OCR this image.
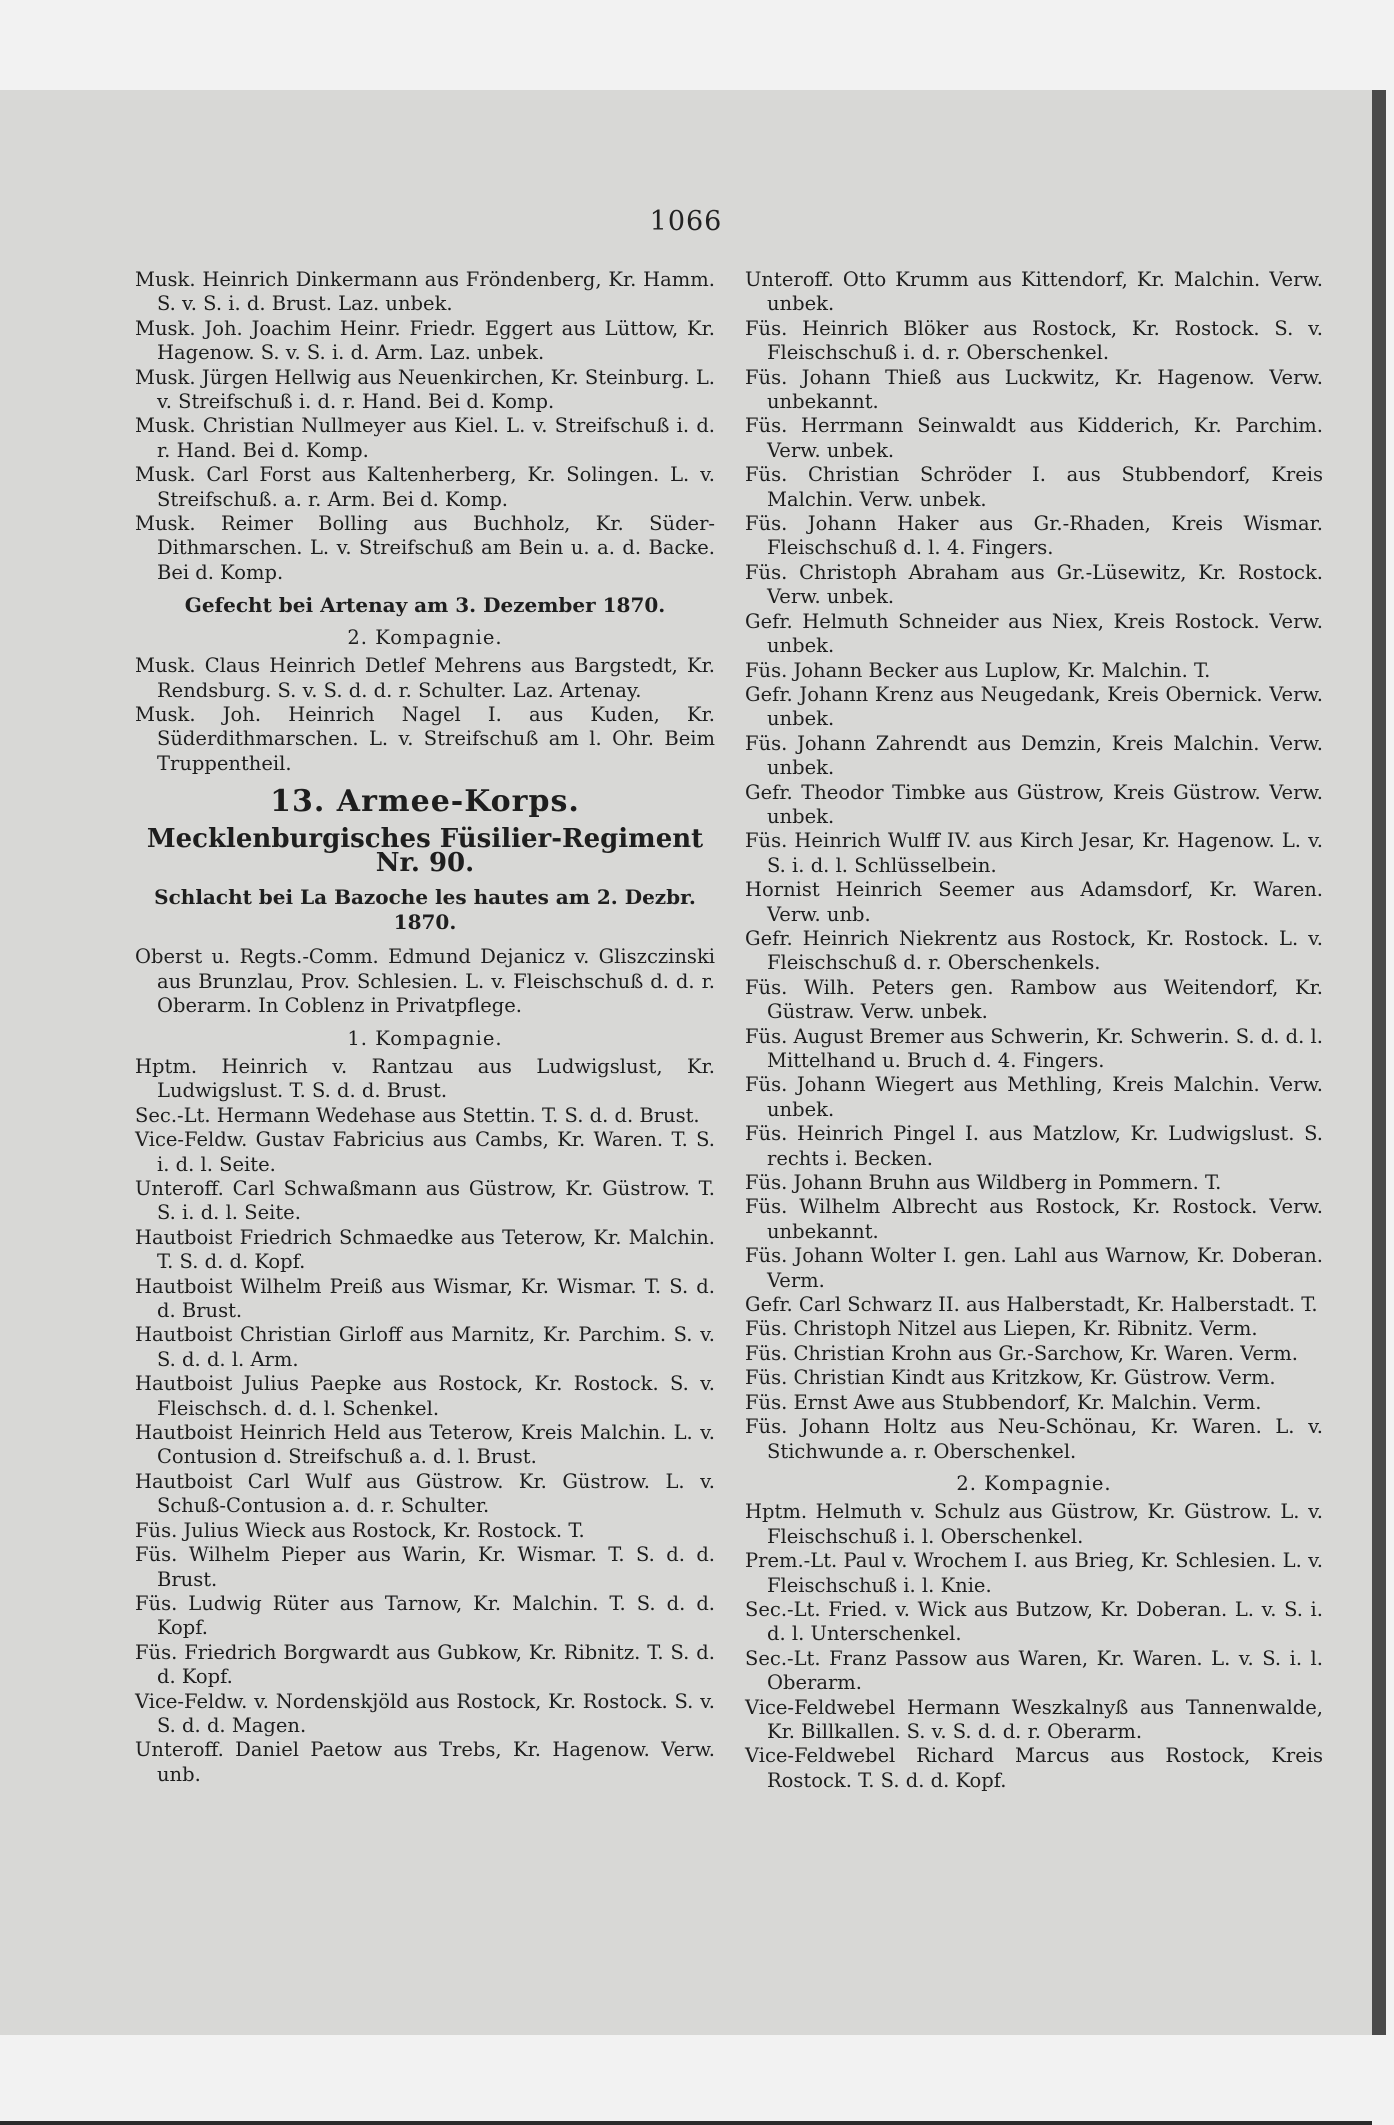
1066

Musk. Heinrich Dinkermann aus Fröndenberg, Kr. Hamm. S. v. S. i. d. Brust. Laz. unbek.

Musk. Joh. Joachim Heinr. Friedr. Eggert aus Lüttow, Kr. Hagenow. S. v. S. i. d. Arm. Laz. unbek.

Musk. Jürgen Hellwig aus Neuenkirchen, Kr. Steinburg. L. v. Streifschuß i. d. r. Hand. Bei d. Komp.

Musk. Christian Nullmeyer aus Kiel. L. v. Streifschuß i. d. r. Hand. Bei d. Komp.

Musk. Carl Forst aus Kaltenherberg, Kr. Solingen. L. v. Streifschuß. a. r. Arm. Bei d. Komp.

Musk. Reimer Bolling aus Buchholz, Kr. Süder-Dithmarschen. L. v. Streifschuß am Bein u. a. d. Backe. Bei d. Komp.

Gefecht bei Artenay am 3. Dezember 1870.
2. Kompagnie.

Musk. Claus Heinrich Detlef Mehrens aus Bargstedt, Kr. Rendsburg. S. v. S. d. d. r. Schulter. Laz. Artenay.

Musk. Joh. Heinrich Nagel I. aus Kuden, Kr. Süderdithmarschen. L. v. Streifschuß am l. Ohr. Beim Truppentheil.

13. Armee-Korps.
Mecklenburgisches Füsilier-Regiment Nr. 90.
Schlacht bei La Bazoche les hautes am 2. Dezbr. 1870.

Oberst u. Regts.-Comm. Edmund Dejanicz v. Gliszczinski aus Brunzlau, Prov. Schlesien. L. v. Fleischschuß d. d. r. Oberarm. In Coblenz in Privatpflege.

1. Kompagnie.

Hptm. Heinrich v. Rantzau aus Ludwigslust, Kr. Ludwigslust. T. S. d. d. Brust.

Sec.-Lt. Hermann Wedehase aus Stettin. T. S. d. d. Brust.

Vice-Feldw. Gustav Fabricius aus Cambs, Kr. Waren. T. S. i. d. l. Seite.

Unteroff. Carl Schwaßmann aus Güstrow, Kr. Güstrow. T. S. i. d. l. Seite.

Hautboist Friedrich Schmaedke aus Teterow, Kr. Malchin. T. S. d. d. Kopf.

Hautboist Wilhelm Preiß aus Wismar, Kr. Wismar. T. S. d. d. Brust.

Hautboist Christian Girloff aus Marnitz, Kr. Parchim. S. v. S. d. d. l. Arm.

Hautboist Julius Paepke aus Rostock, Kr. Rostock. S. v. Fleischsch. d. d. l. Schenkel.

Hautboist Heinrich Held aus Teterow, Kreis Malchin. L. v. Contusion d. Streifschuß a. d. l. Brust.

Hautboist Carl Wulf aus Güstrow. Kr. Güstrow. L. v. Schuß-Contusion a. d. r. Schulter.

Füs. Julius Wieck aus Rostock, Kr. Rostock. T.

Füs. Wilhelm Pieper aus Warin, Kr. Wismar. T. S. d. d. Brust.

Füs. Ludwig Rüter aus Tarnow, Kr. Malchin. T. S. d. d. Kopf.

Füs. Friedrich Borgwardt aus Gubkow, Kr. Ribnitz. T. S. d. d. Kopf.

Vice-Feldw. v. Nordenskjöld aus Rostock, Kr. Rostock. S. v. S. d. d. Magen.

Unteroff. Daniel Paetow aus Trebs, Kr. Hagenow. Verw. unb.

Unteroff. Otto Krumm aus Kittendorf, Kr. Malchin. Verw. unbek.

Füs. Heinrich Blöker aus Rostock, Kr. Rostock. S. v. Fleischschuß i. d. r. Oberschenkel.

Füs. Johann Thieß aus Luckwitz, Kr. Hagenow. Verw. unbekannt.

Füs. Herrmann Seinwaldt aus Kidderich, Kr. Parchim. Verw. unbek.

Füs. Christian Schröder I. aus Stubbendorf, Kreis Malchin. Verw. unbek.

Füs. Johann Haker aus Gr.-Rhaden, Kreis Wismar. Fleischschuß d. l. 4. Fingers.

Füs. Christoph Abraham aus Gr.-Lüsewitz, Kr. Rostock. Verw. unbek.

Gefr. Helmuth Schneider aus Niex, Kreis Rostock. Verw. unbek.

Füs. Johann Becker aus Luplow, Kr. Malchin. T.

Gefr. Johann Krenz aus Neugedank, Kreis Obernick. Verw. unbek.

Füs. Johann Zahrendt aus Demzin, Kreis Malchin. Verw. unbek.

Gefr. Theodor Timbke aus Güstrow, Kreis Güstrow. Verw. unbek.

Füs. Heinrich Wulff IV. aus Kirch Jesar, Kr. Hagenow. L. v. S. i. d. l. Schlüsselbein.

Hornist Heinrich Seemer aus Adamsdorf, Kr. Waren. Verw. unb.

Gefr. Heinrich Niekrentz aus Rostock, Kr. Rostock. L. v. Fleischschuß d. r. Oberschenkels.

Füs. Wilh. Peters gen. Rambow aus Weitendorf, Kr. Güstraw. Verw. unbek.

Füs. August Bremer aus Schwerin, Kr. Schwerin. S. d. d. l. Mittelhand u. Bruch d. 4. Fingers.

Füs. Johann Wiegert aus Methling, Kreis Malchin. Verw. unbek.

Füs. Heinrich Pingel I. aus Matzlow, Kr. Ludwigslust. S. rechts i. Becken.

Füs. Johann Bruhn aus Wildberg in Pommern. T.

Füs. Wilhelm Albrecht aus Rostock, Kr. Rostock. Verw. unbekannt.

Füs. Johann Wolter I. gen. Lahl aus Warnow, Kr. Doberan. Verm.

Gefr. Carl Schwarz II. aus Halberstadt, Kr. Halberstadt. T.

Füs. Christoph Nitzel aus Liepen, Kr. Ribnitz. Verm.

Füs. Christian Krohn aus Gr.-Sarchow, Kr. Waren. Verm.

Füs. Christian Kindt aus Kritzkow, Kr. Güstrow. Verm.

Füs. Ernst Awe aus Stubbendorf, Kr. Malchin. Verm.

Füs. Johann Holtz aus Neu-Schönau, Kr. Waren. L. v. Stichwunde a. r. Oberschenkel.

2. Kompagnie.

Hptm. Helmuth v. Schulz aus Güstrow, Kr. Güstrow. L. v. Fleischschuß i. l. Oberschenkel.

Prem.-Lt. Paul v. Wrochem I. aus Brieg, Kr. Schlesien. L. v. Fleischschuß i. l. Knie.

Sec.-Lt. Fried. v. Wick aus Butzow, Kr. Doberan. L. v. S. i. d. l. Unterschenkel.

Sec.-Lt. Franz Passow aus Waren, Kr. Waren. L. v. S. i. l. Oberarm.

Vice-Feldwebel Hermann Weszkalnyß aus Tannenwalde, Kr. Billkallen. S. v. S. d. d. r. Oberarm.

Vice-Feldwebel Richard Marcus aus Rostock, Kreis Rostock. T. S. d. d. Kopf.
